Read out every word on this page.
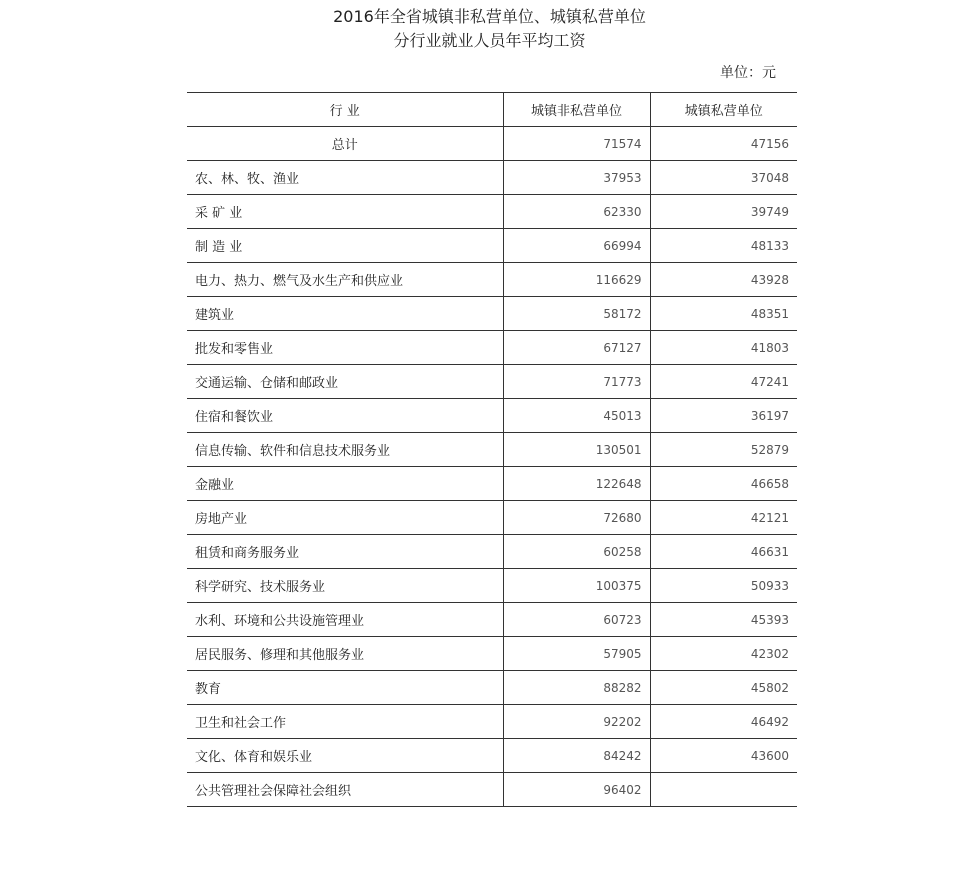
2016年全省城镇非私营单位、城镇私营单位
分行业就业人员年平均工资
单位：元
行 业	城镇非私营单位	城镇私营单位
总计	71574	47156
农、林、牧、渔业	37953	37048
采 矿 业	62330	39749
制 造 业	66994	48133
电力、热力、燃气及水生产和供应业	116629	43928
建筑业	58172	48351
批发和零售业	67127	41803
交通运输、仓储和邮政业	71773	47241
住宿和餐饮业	45013	36197
信息传输、软件和信息技术服务业	130501	52879
金融业	122648	46658
房地产业	72680	42121
租赁和商务服务业	60258	46631
科学研究、技术服务业	100375	50933
水利、环境和公共设施管理业	60723	45393
居民服务、修理和其他服务业	57905	42302
教育	88282	45802
卫生和社会工作	92202	46492
文化、体育和娱乐业	84242	43600
公共管理社会保障社会组织	96402	
